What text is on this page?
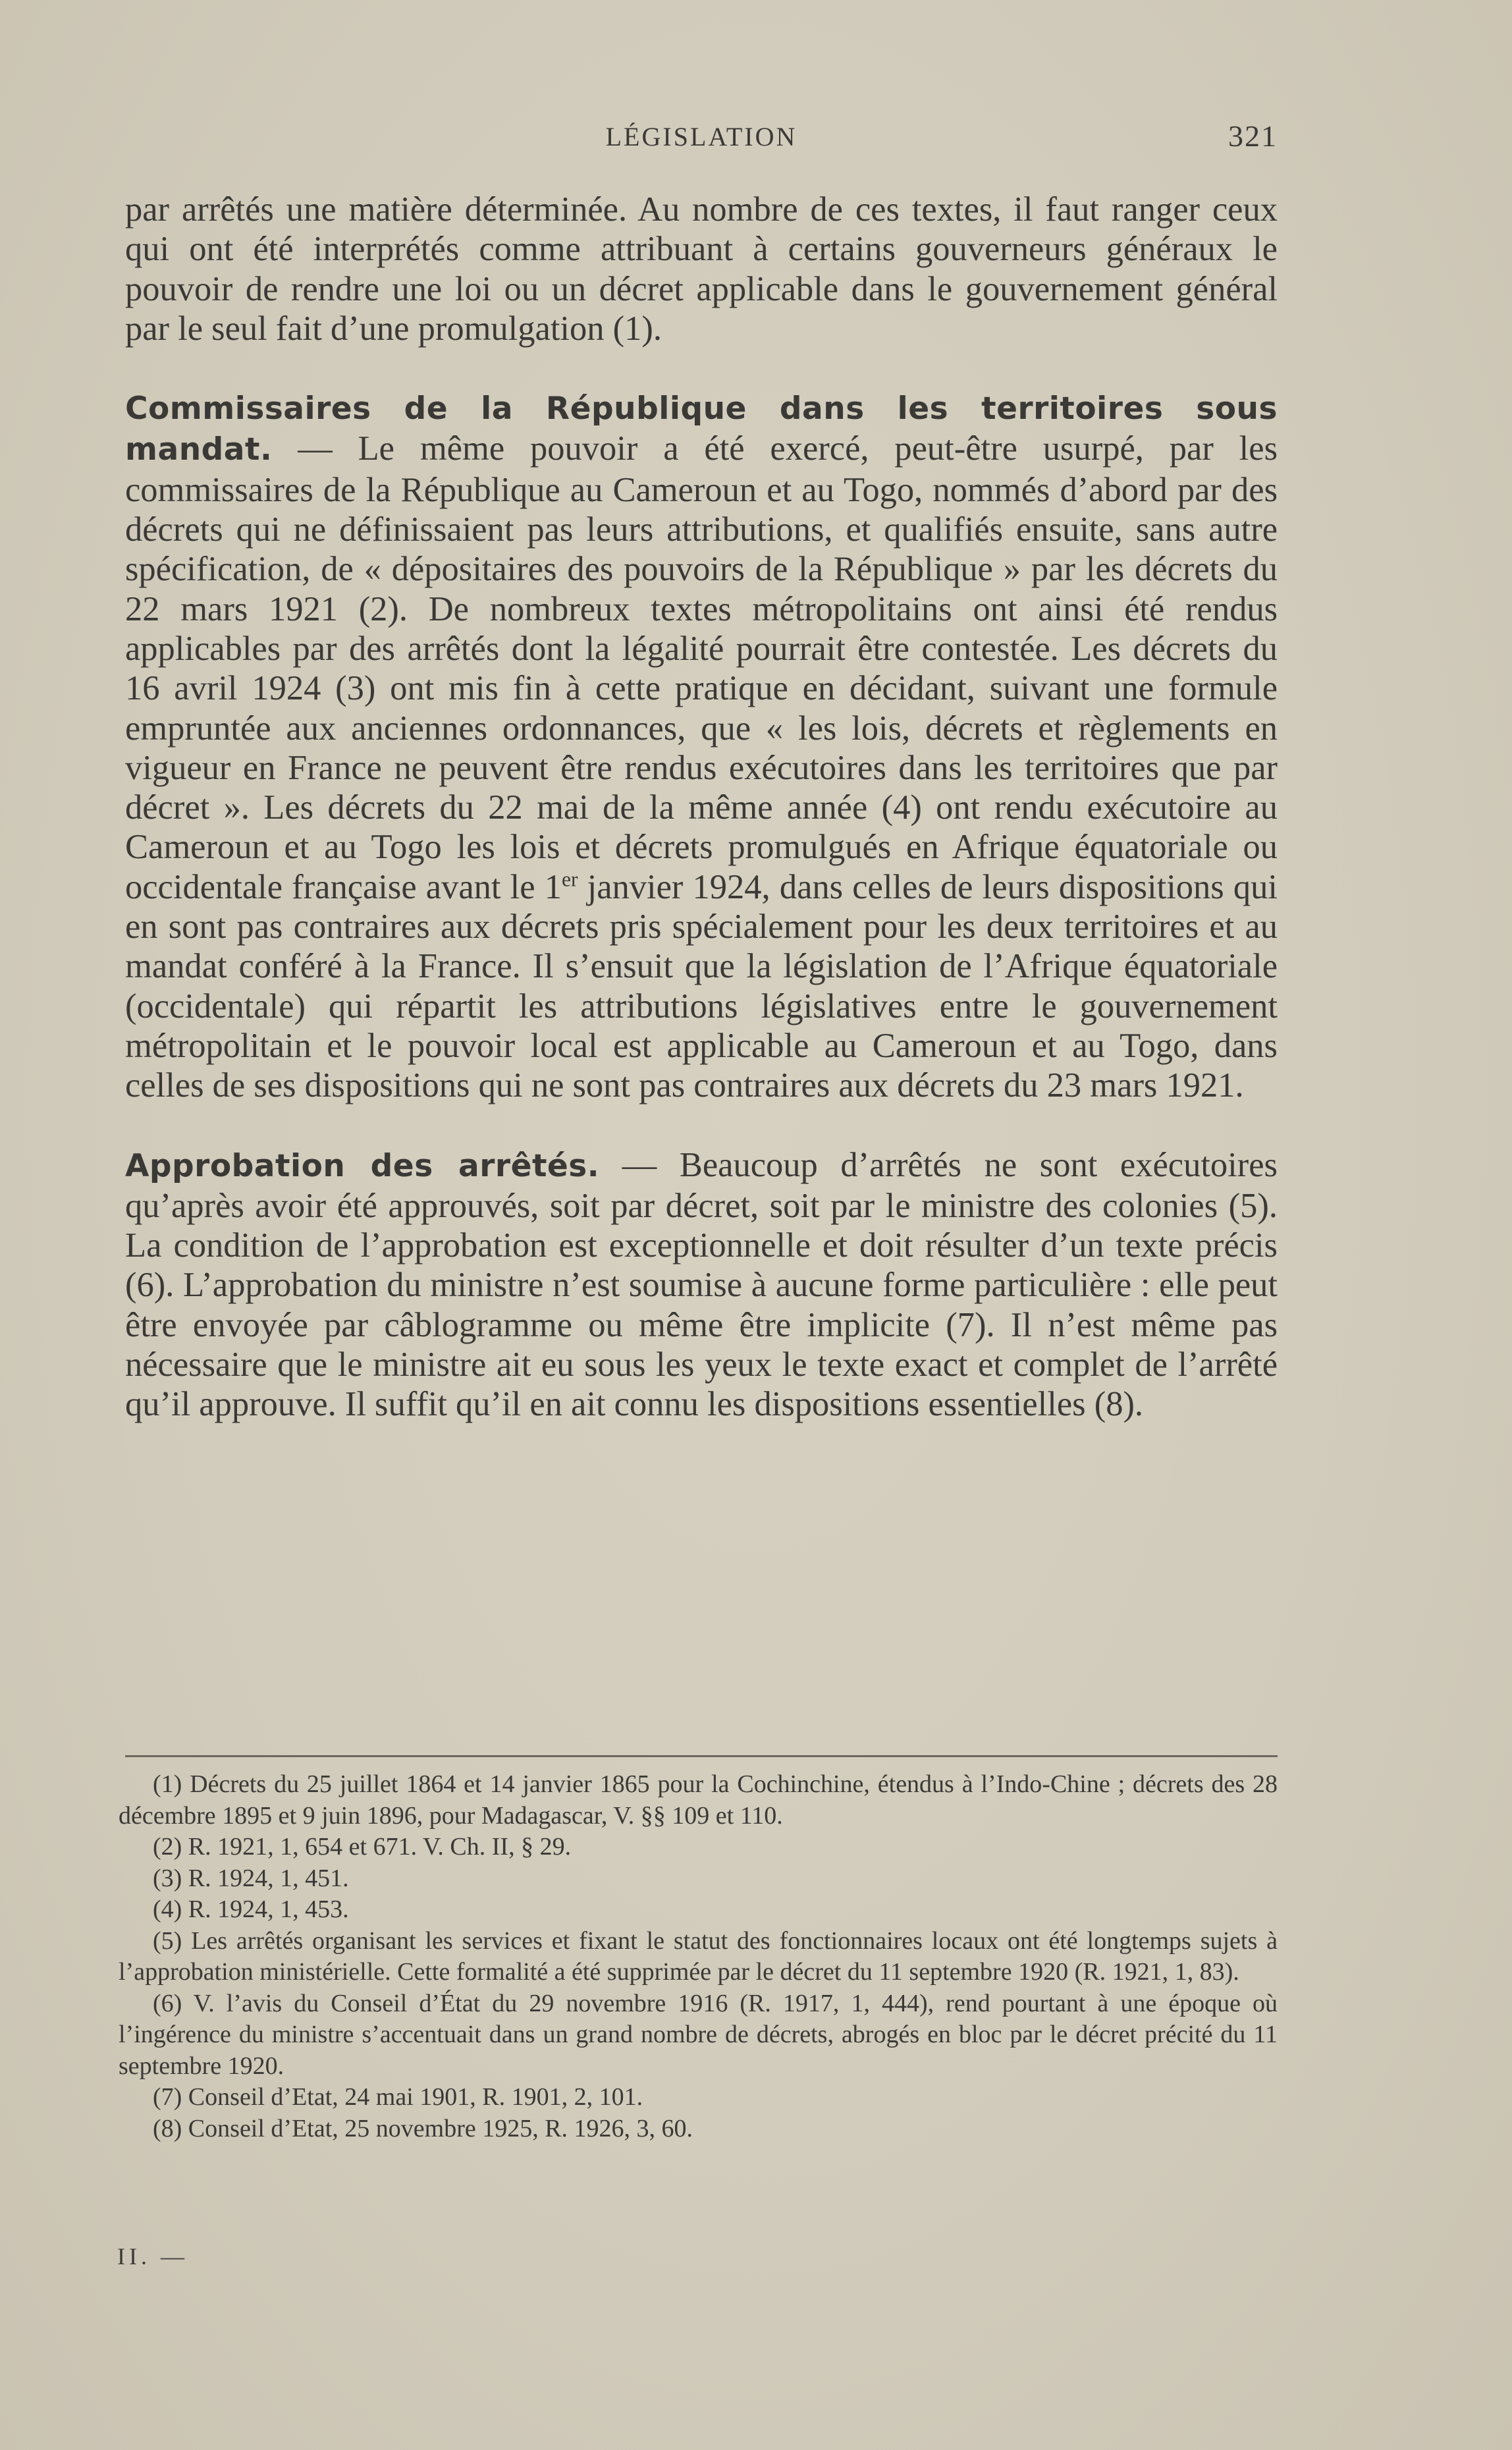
LÉGISLATION	321

par arrêtés une matière déterminée. Au nombre de ces textes, il faut ranger ceux qui ont été interprétés comme attribuant à certains gouverneurs généraux le pouvoir de rendre une loi ou un décret applicable dans le gouvernement général par le seul fait d’une promulgation (1).

Commissaires de la République dans les territoires sous mandat. — Le même pouvoir a été exercé, peut-être usurpé, par les commissaires de la République au Cameroun et au Togo, nommés d’abord par des décrets qui ne définissaient pas leurs attributions, et qualifiés ensuite, sans autre spécification, de « dépositaires des pouvoirs de la République » par les décrets du 22 mars 1921 (2). De nombreux textes métropolitains ont ainsi été rendus applicables par des arrêtés dont la légalité pourrait être contestée. Les décrets du 16 avril 1924 (3) ont mis fin à cette pratique en décidant, suivant une formule empruntée aux anciennes ordonnances, que « les lois, décrets et règlements en vigueur en France ne peuvent être rendus exécutoires dans les territoires que par décret ». Les décrets du 22 mai de la même année (4) ont rendu exécutoire au Cameroun et au Togo les lois et décrets promulgués en Afrique équatoriale ou occidentale française avant le 1er janvier 1924, dans celles de leurs dispositions qui en sont pas contraires aux décrets pris spécialement pour les deux territoires et au mandat conféré à la France. Il s’ensuit que la législation de l’Afrique équatoriale (occidentale) qui répartit les attributions législatives entre le gouvernement métropolitain et le pouvoir local est applicable au Cameroun et au Togo, dans celles de ses dispositions qui ne sont pas contraires aux décrets du 23 mars 1921.

Approbation des arrêtés. — Beaucoup d’arrêtés ne sont exécutoires qu’après avoir été approuvés, soit par décret, soit par le ministre des colonies (5). La condition de l’approbation est exceptionnelle et doit résulter d’un texte précis (6). L’approbation du ministre n’est soumise à aucune forme particulière : elle peut être envoyée par câblogramme ou même être implicite (7). Il n’est même pas nécessaire que le ministre ait eu sous les yeux le texte exact et complet de l’arrêté qu’il approuve. Il suffit qu’il en ait connu les dispositions essentielles (8).

(1) Décrets du 25 juillet 1864 et 14 janvier 1865 pour la Cochinchine, étendus à l’Indo-Chine ; décrets des 28 décembre 1895 et 9 juin 1896, pour Madagascar, V. §§ 109 et 110.

(2) R. 1921, 1, 654 et 671. V. Ch. II, § 29.

(3) R. 1924, 1, 451.

(4) R. 1924, 1, 453.

(5) Les arrêtés organisant les services et fixant le statut des fonctionnaires locaux ont été longtemps sujets à l’approbation ministérielle. Cette formalité a été supprimée par le décret du 11 septembre 1920 (R. 1921, 1, 83).

(6) V. l’avis du Conseil d’État du 29 novembre 1916 (R. 1917, 1, 444), rend pourtant à une époque où l’ingérence du ministre s’accentuait dans un grand nombre de décrets, abrogés en bloc par le décret précité du 11 septembre 1920.

(7) Conseil d’Etat, 24 mai 1901, R. 1901, 2, 101.

(8) Conseil d’Etat, 25 novembre 1925, R. 1926, 3, 60.

II. —
